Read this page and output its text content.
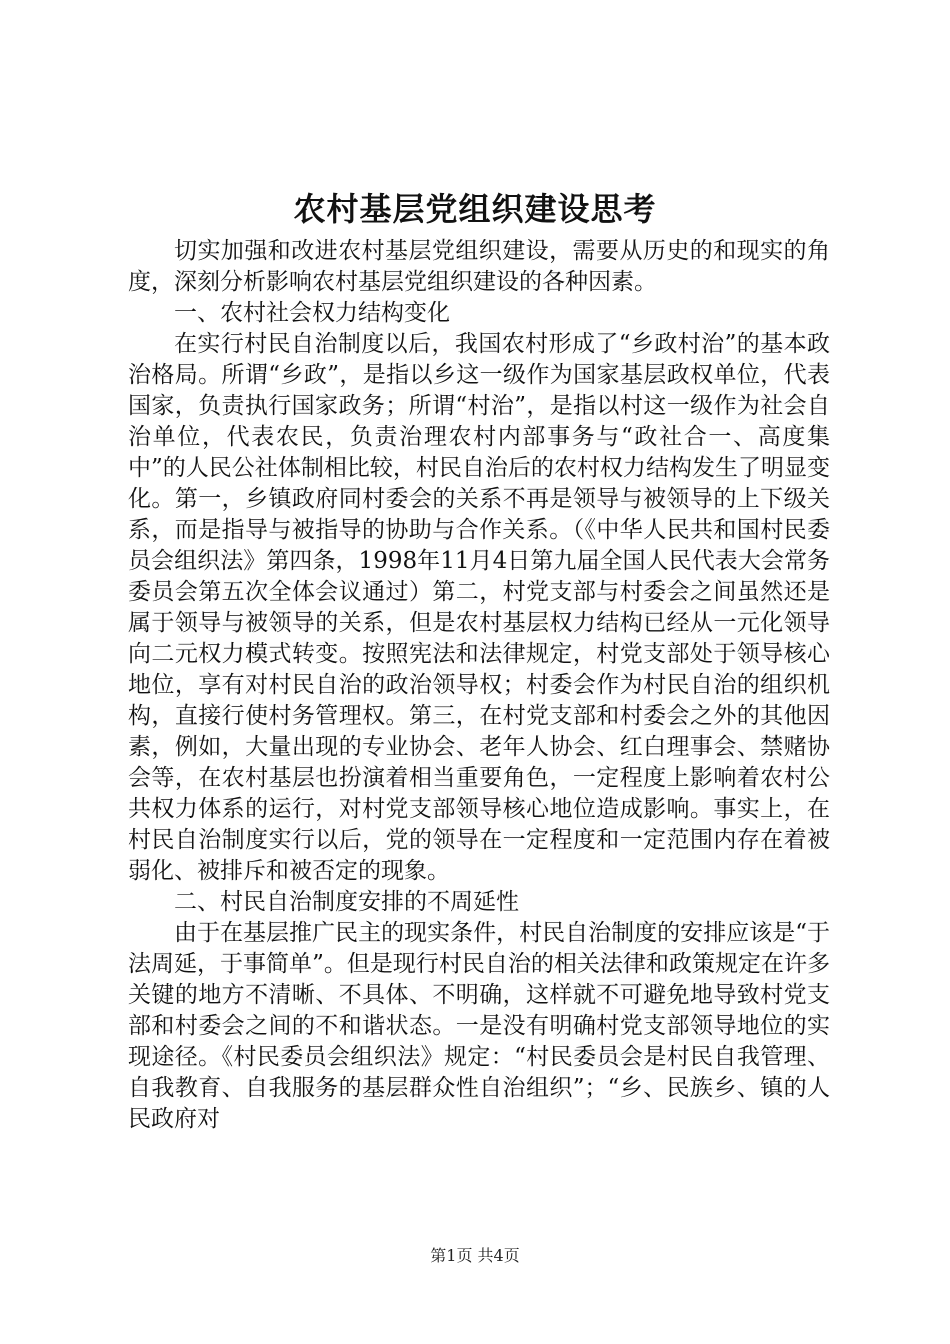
农村基层党组织建设思考

切实加强和改进农村基层党组织建设，需要从历史的和现实的角度，深刻分析影响农村基层党组织建设的各种因素。

一、农村社会权力结构变化

在实行村民自治制度以后，我国农村形成了“乡政村治”的基本政治格局。所谓“乡政”，是指以乡这一级作为国家基层政权单位，代表国家，负责执行国家政务；所谓“村治”，是指以村这一级作为社会自治单位，代表农民，负责治理农村内部事务与“政社合一、高度集中”的人民公社体制相比较，村民自治后的农村权力结构发生了明显变化。第一，乡镇政府同村委会的关系不再是领导与被领导的上下级关系，而是指导与被指导的协助与合作关系。（《中华人民共和国村民委员会组织法》第四条，1998年11月4日第九届全国人民代表大会常务委员会第五次全体会议通过）第二，村党支部与村委会之间虽然还是属于领导与被领导的关系，但是农村基层权力结构已经从一元化领导向二元权力模式转变。按照宪法和法律规定，村党支部处于领导核心地位，享有对村民自治的政治领导权；村委会作为村民自治的组织机构，直接行使村务管理权。第三，在村党支部和村委会之外的其他因素，例如，大量出现的专业协会、老年人协会、红白理事会、禁赌协会等，在农村基层也扮演着相当重要角色，一定程度上影响着农村公共权力体系的运行，对村党支部领导核心地位造成影响。事实上，在村民自治制度实行以后，党的领导在一定程度和一定范围内存在着被弱化、被排斥和被否定的现象。

二、村民自治制度安排的不周延性

由于在基层推广民主的现实条件，村民自治制度的安排应该是“于法周延，于事简单”。但是现行村民自治的相关法律和政策规定在许多关键的地方不清晰、不具体、不明确，这样就不可避免地导致村党支部和村委会之间的不和谐状态。一是没有明确村党支部领导地位的实现途径。《村民委员会组织法》规定：“村民委员会是村民自我管理、自我教育、自我服务的基层群众性自治组织”；“乡、民族乡、镇的人民政府对

第1页 共4页
